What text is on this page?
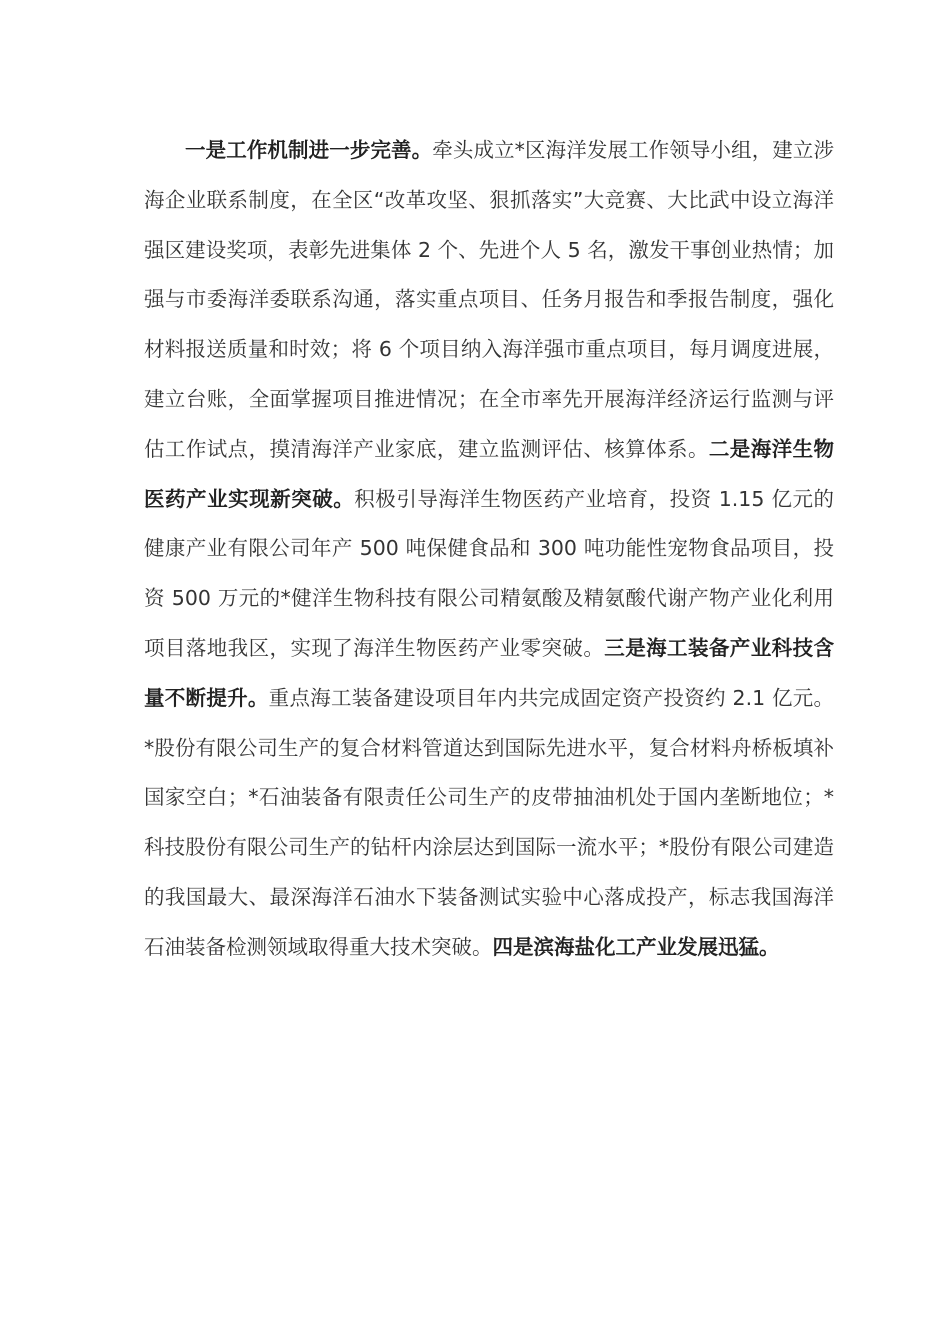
一是工作机制进一步完善。牵头成立*区海洋发展工作领导小组，建立涉海企业联系制度，在全区“改革攻坚、狠抓落实”大竞赛、大比武中设立海洋强区建设奖项，表彰先进集体 2 个、先进个人 5 名，激发干事创业热情；加强与市委海洋委联系沟通，落实重点项目、任务月报告和季报告制度，强化材料报送质量和时效；将 6 个项目纳入海洋强市重点项目，每月调度进展，建立台账，全面掌握项目推进情况；在全市率先开展海洋经济运行监测与评估工作试点，摸清海洋产业家底，建立监测评估、核算体系。二是海洋生物医药产业实现新突破。积极引导海洋生物医药产业培育，投资 1.15 亿元的健康产业有限公司年产 500 吨保健食品和 300 吨功能性宠物食品项目，投资 500 万元的*健洋生物科技有限公司精氨酸及精氨酸代谢产物产业化利用项目落地我区，实现了海洋生物医药产业零突破。三是海工装备产业科技含量不断提升。重点海工装备建设项目年内共完成固定资产投资约 2.1 亿元。*股份有限公司生产的复合材料管道达到国际先进水平，复合材料舟桥板填补国家空白；*石油装备有限责任公司生产的皮带抽油机处于国内垄断地位；*科技股份有限公司生产的钻杆内涂层达到国际一流水平；*股份有限公司建造的我国最大、最深海洋石油水下装备测试实验中心落成投产，标志我国海洋石油装备检测领域取得重大技术突破。四是滨海盐化工产业发展迅猛。
